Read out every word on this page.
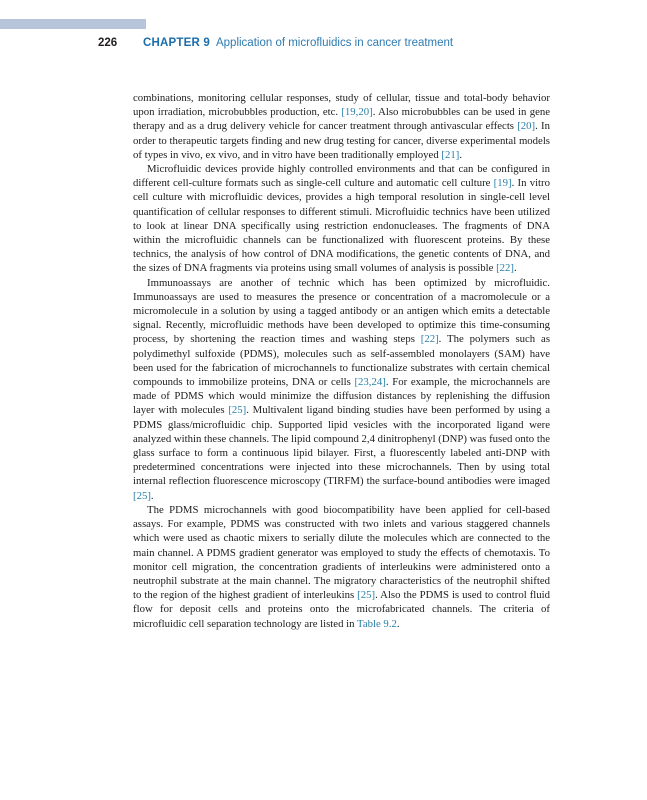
226	CHAPTER 9 Application of microfluidics in cancer treatment

combinations, monitoring cellular responses, study of cellular, tissue and total-body behavior upon irradiation, microbubbles production, etc. [19,20]. Also microbubbles can be used in gene therapy and as a drug delivery vehicle for cancer treatment through antivascular effects [20]. In order to therapeutic targets finding and new drug testing for cancer, diverse experimental models of types in vivo, ex vivo, and in vitro have been traditionally employed [21].

Microfluidic devices provide highly controlled environments and that can be configured in different cell-culture formats such as single-cell culture and automatic cell culture [19]. In vitro cell culture with microfluidic devices, provides a high temporal resolution in single-cell level quantification of cellular responses to different stimuli. Microfluidic technics have been utilized to look at linear DNA specifically using restriction endonucleases. The fragments of DNA within the microfluidic channels can be functionalized with fluorescent proteins. By these technics, the analysis of how control of DNA modifications, the genetic contents of DNA, and the sizes of DNA fragments via proteins using small volumes of analysis is possible [22].

Immunoassays are another of technic which has been optimized by microfluidic. Immunoassays are used to measures the presence or concentration of a macromolecule or a micromolecule in a solution by using a tagged antibody or an antigen which emits a detectable signal. Recently, microfluidic methods have been developed to optimize this time-consuming process, by shortening the reaction times and washing steps [22]. The polymers such as polydimethyl sulfoxide (PDMS), molecules such as self-assembled monolayers (SAM) have been used for the fabrication of microchannels to functionalize substrates with certain chemical compounds to immobilize proteins, DNA or cells [23,24]. For example, the microchannels are made of PDMS which would minimize the diffusion distances by replenishing the diffusion layer with molecules [25]. Multivalent ligand binding studies have been performed by using a PDMS glass/microfluidic chip. Supported lipid vesicles with the incorporated ligand were analyzed within these channels. The lipid compound 2,4 dinitrophenyl (DNP) was fused onto the glass surface to form a continuous lipid bilayer. First, a fluorescently labeled anti-DNP with predetermined concentrations were injected into these microchannels. Then by using total internal reflection fluorescence microscopy (TIRFM) the surface-bound antibodies were imaged [25].

The PDMS microchannels with good biocompatibility have been applied for cell-based assays. For example, PDMS was constructed with two inlets and various staggered channels which were used as chaotic mixers to serially dilute the molecules which are connected to the main channel. A PDMS gradient generator was employed to study the effects of chemotaxis. To monitor cell migration, the concentration gradients of interleukins were administered onto a neutrophil substrate at the main channel. The migratory characteristics of the neutrophil shifted to the region of the highest gradient of interleukins [25]. Also the PDMS is used to control fluid flow for deposit cells and proteins onto the microfabricated channels. The criteria of microfluidic cell separation technology are listed in Table 9.2.
